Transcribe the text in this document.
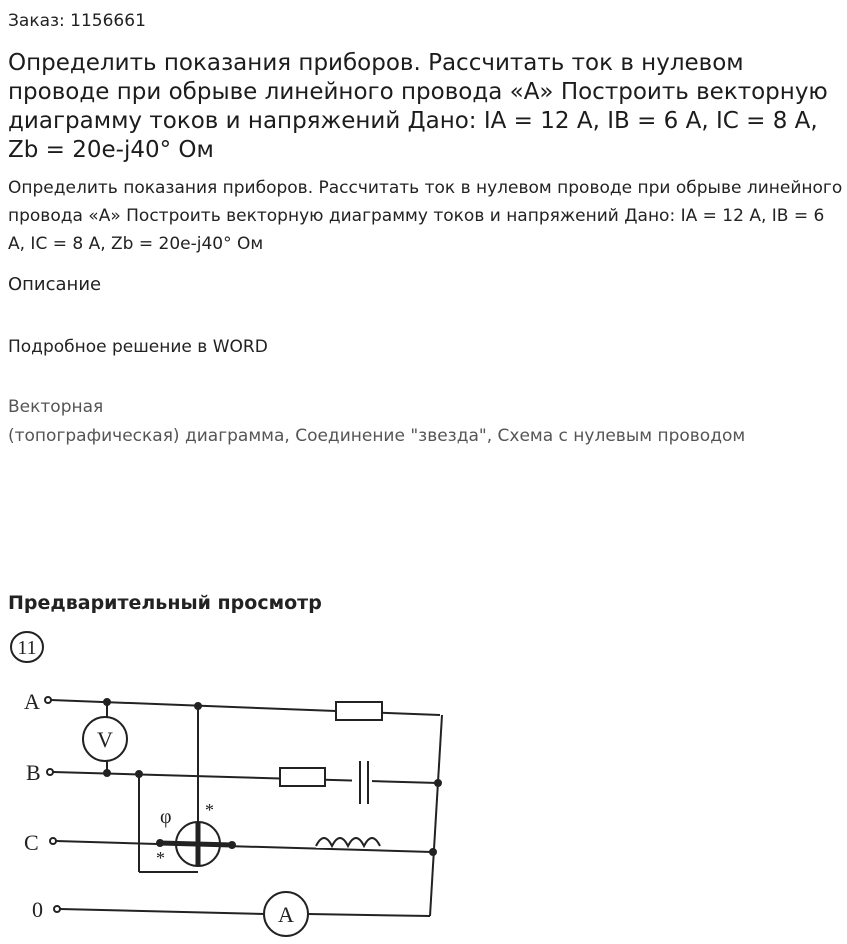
Заказ: 1156661
Определить показания приборов. Рассчитать ток в нулевом проводе при обрыве линейного провода «А» Построить векторную диаграмму токов и напряжений Дано: IA = 12 A, IB = 6 A, IC = 8 A, Zb = 20e-j40° Ом
Определить показания приборов. Рассчитать ток в нулевом проводе при обрыве линейного провода «А» Построить векторную диаграмму токов и напряжений Дано: IA = 12 A, IB = 6 A, IC = 8 A, Zb = 20e-j40° Ом
Описание
Подробное решение в WORD
Векторная
(топографическая) диаграмма, Соединение "звезда", Схема с нулевым проводом
Предварительный просмотр
11
A
B
C
0	A
V
φ *
*
